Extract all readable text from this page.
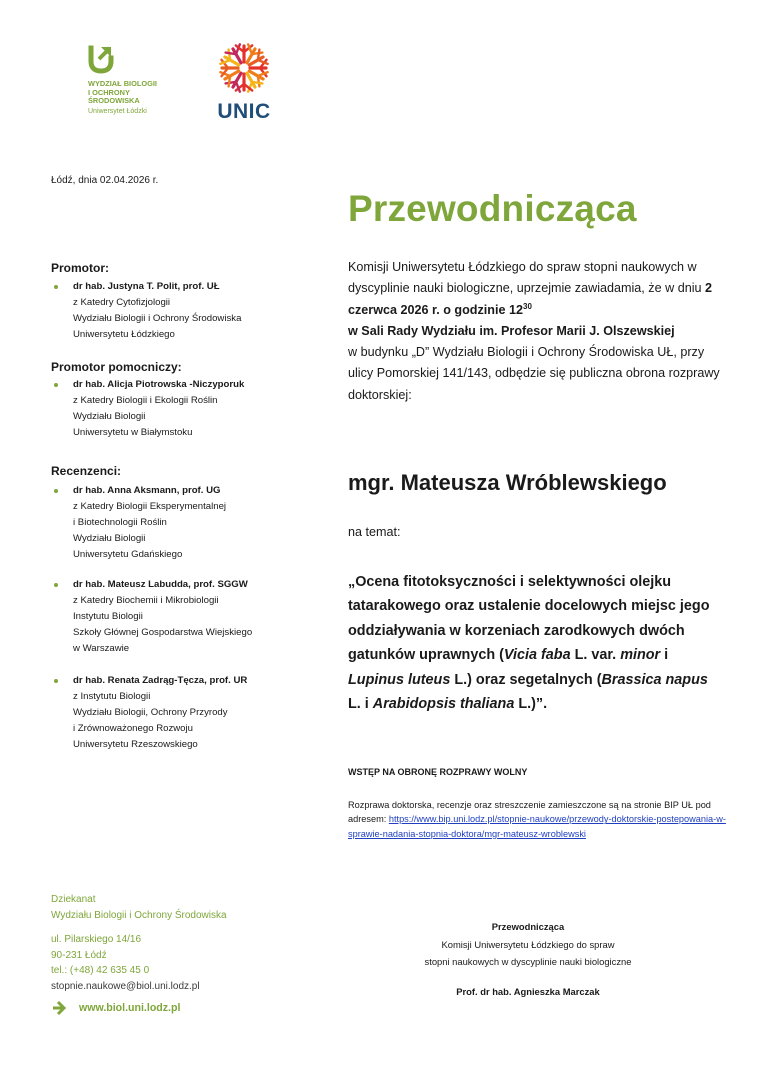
WYDZIAŁ BIOLOGII
I OCHRONY
ŚRODOWISKA
Uniwersytet Łódzki	UNIC
Łódź, dnia 02.04.2026 r.
Przewodnicząca
Komisji Uniwersytetu Łódzkiego do spraw stopni naukowych w dyscyplinie nauki biologiczne, uprzejmie zawiadamia, że w dniu 2 czerwca 2026 r. o godzinie $12^{30}$
w Sali Rady Wydziału im. Profesor Marii J. Olszewskiej
w budynku „D” Wydziału Biologii i Ochrony Środowiska UŁ, przy ulicy Pomorskiej 141/143, odbędzie się publiczna obrona rozprawy doktorskiej:
Promotor:
dr hab. Justyna T. Polit, prof. UŁ
z Katedry Cytofizjologii
Wydziału Biologii i Ochrony Środowiska
Uniwersytetu Łódzkiego
Promotor pomocniczy:
dr hab. Alicja Piotrowska -Niczyporuk
z Katedry Biologii i Ekologii Roślin
Wydziału Biologii
Uniwersytetu w Białymstoku
Recenzenci:
dr hab. Anna Aksmann, prof. UG
z Katedry Biologii Eksperymentalnej
i Biotechnologii Roślin
Wydziału Biologii
Uniwersytetu Gdańskiego
dr hab. Mateusz Labudda, prof. SGGW
z Katedry Biochemii i Mikrobiologii
Instytutu Biologii
Szkoły Głównej Gospodarstwa Wiejskiego
w Warszawie
dr hab. Renata Zadrąg-Tęcza, prof. UR
z Instytutu Biologii
Wydziału Biologii, Ochrony Przyrody
i Zrównoważonego Rozwoju
Uniwersytetu Rzeszowskiego
mgr. Mateusza Wróblewskiego
na temat:
„Ocena fitotoksyczności i selektywności olejku tatarakowego oraz ustalenie docelowych miejsc jego oddziaływania w korzeniach zarodkowych dwóch gatunków uprawnych (Vicia faba L. var. minor i Lupinus luteus L.) oraz segetalnych (Brassica napus L. i Arabidopsis thaliana L.)”.
WSTĘP NA OBRONĘ ROZPRAWY WOLNY
Rozprawa doktorska, recenzje oraz streszczenie zamieszczone są na stronie BIP UŁ pod adresem: https://www.bip.uni.lodz.pl/stopnie-naukowe/przewody-doktorskie-postepowania-w-sprawie-nadania-stopnia-doktora/mgr-mateusz-wroblewski
Dziekanat
Wydziału Biologii i Ochrony Środowiska
ul. Pilarskiego 14/16
90-231 Łódź
tel.: (+48) 42 635 45 0
stopnie.naukowe@biol.uni.lodz.pl
www.biol.uni.lodz.pl
Przewodnicząca
Komisji Uniwersytetu Łódzkiego do spraw
stopni naukowych w dyscyplinie nauki biologiczne
Prof. dr hab. Agnieszka Marczak
